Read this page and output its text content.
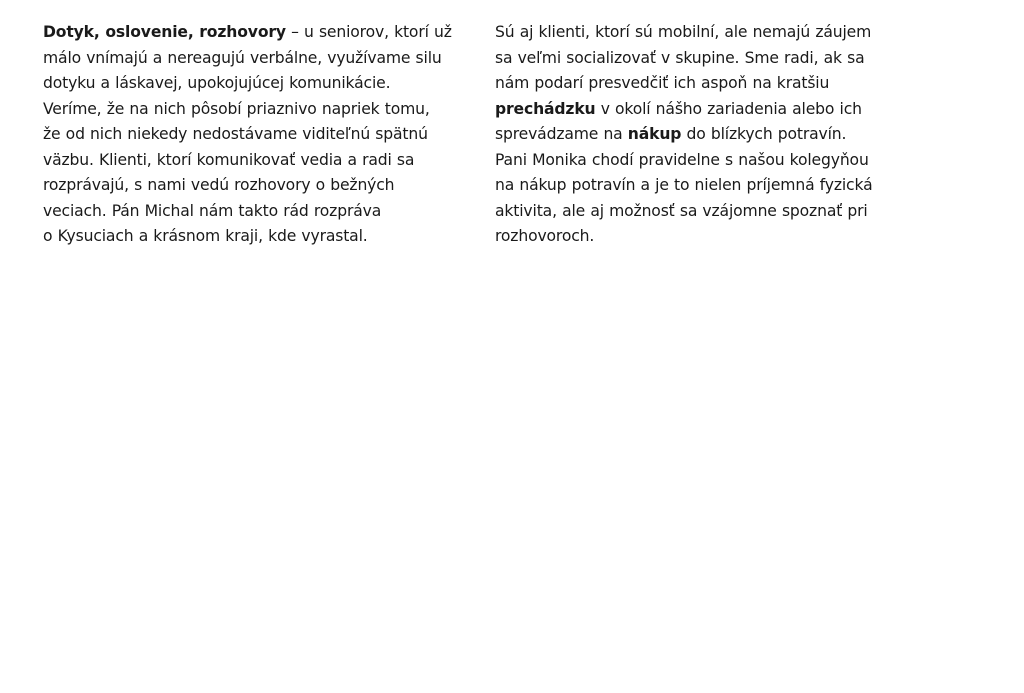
Dotyk, oslovenie, rozhovory – u seniorov, ktorí už
málo vnímajú a nereagujú verbálne, využívame silu
dotyku a láskavej, upokojujúcej komunikácie.
Veríme, že na nich pôsobí priaznivo napriek tomu,
že od nich niekedy nedostávame viditeľnú spätnú
väzbu. Klienti, ktorí komunikovať vedia a radi sa
rozprávajú, s nami vedú rozhovory o bežných
veciach. Pán Michal nám takto rád rozpráva
o Kysuciach a krásnom kraji, kde vyrastal.
Sú aj klienti, ktorí sú mobilní, ale nemajú záujem
sa veľmi socializovať v skupine. Sme radi, ak sa
nám podarí presvedčiť ich aspoň na kratšiu
prechádzku v okolí nášho zariadenia alebo ich
sprevádzame na nákup do blízkych potravín.
Pani Monika chodí pravidelne s našou kolegyňou
na nákup potravín a je to nielen príjemná fyzická
aktivita, ale aj možnosť sa vzájomne spoznať pri
rozhovoroch.
